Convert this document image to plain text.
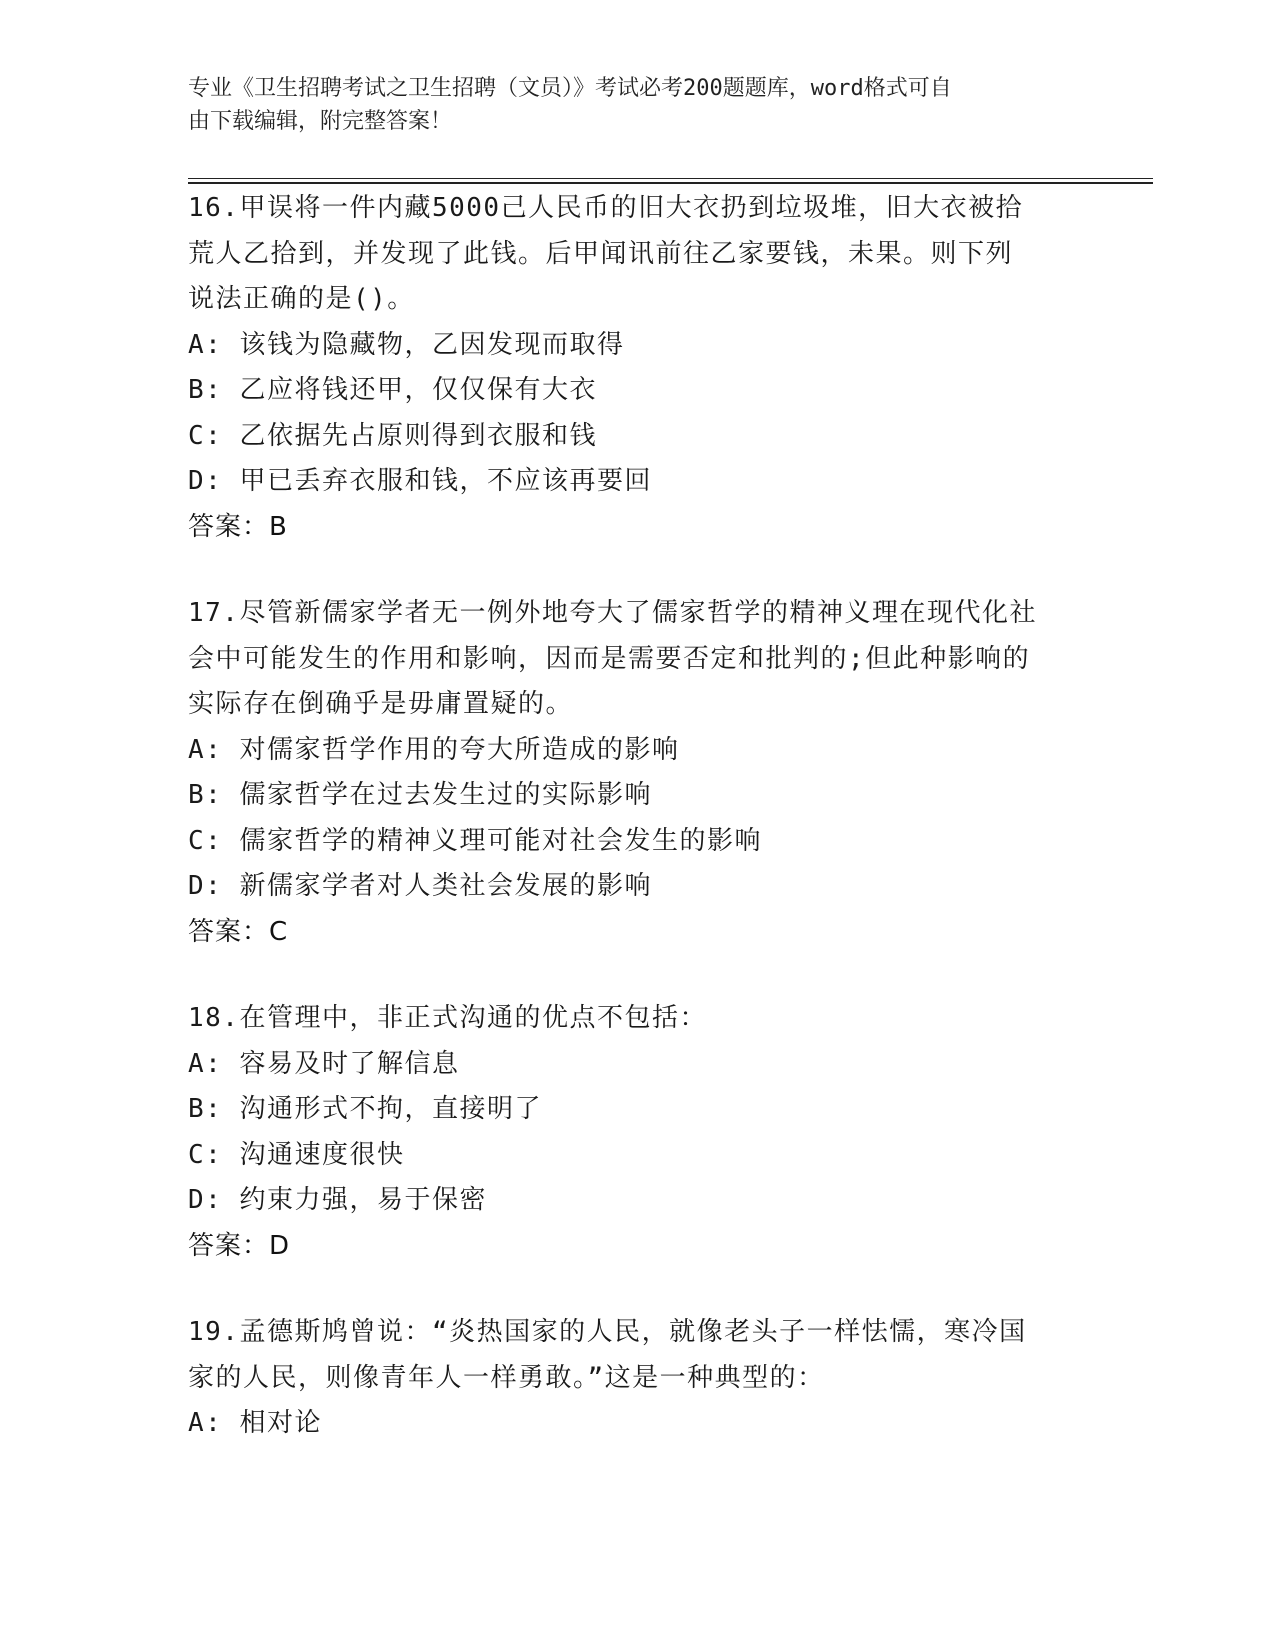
专业《卫生招聘考试之卫生招聘（文员）》考试必考200题题库，word格式可自
由下载编辑，附完整答案！
16.甲误将一件内藏5000己人民币的旧大衣扔到垃圾堆，旧大衣被拾
荒人乙拾到，并发现了此钱。后甲闻讯前往乙家要钱，未果。则下列
说法正确的是()。
A: 该钱为隐藏物，乙因发现而取得
B: 乙应将钱还甲，仅仅保有大衣
C: 乙依据先占原则得到衣服和钱
D: 甲已丢弃衣服和钱，不应该再要回
答案：B
17.尽管新儒家学者无一例外地夸大了儒家哲学的精神义理在现代化社
会中可能发生的作用和影响，因而是需要否定和批判的;但此种影响的
实际存在倒确乎是毋庸置疑的。
A: 对儒家哲学作用的夸大所造成的影响
B: 儒家哲学在过去发生过的实际影响
C: 儒家哲学的精神义理可能对社会发生的影响
D: 新儒家学者对人类社会发展的影响
答案：C
18.在管理中，非正式沟通的优点不包括：
A: 容易及时了解信息
B: 沟通形式不拘，直接明了
C: 沟通速度很快
D: 约束力强，易于保密
答案：D
19.孟德斯鸠曾说：“炎热国家的人民，就像老头子一样怯懦，寒冷国
家的人民，则像青年人一样勇敢。”这是一种典型的：
A: 相对论
